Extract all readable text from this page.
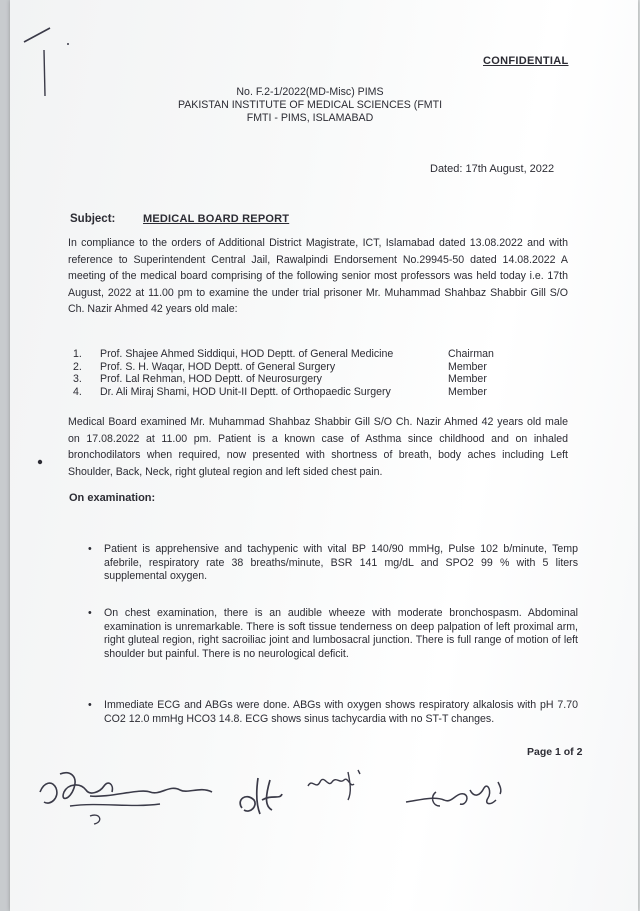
CONFIDENTIAL
No. F.2-1/2022(MD-Misc) PIMS
PAKISTAN INSTITUTE OF MEDICAL SCIENCES (FMTI
FMTI - PIMS, ISLAMABAD
Dated: 17th August, 2022
Subject:	MEDICAL BOARD REPORT
In compliance to the orders of Additional District Magistrate, ICT, Islamabad dated 13.08.2022 and with reference to Superintendent Central Jail, Rawalpindi Endorsement No.29945-50 dated 14.08.2022 A meeting of the medical board comprising of the following senior most professors was held today i.e. 17th August, 2022 at 11.00 pm to examine the under trial prisoner Mr. Muhammad Shahbaz Shabbir Gill S/O Ch. Nazir Ahmed 42 years old male:
1. Prof. Shajee Ahmed Siddiqui, HOD Deptt. of General Medicine	Chairman
2. Prof. S. H. Waqar, HOD Deptt. of General Surgery	Member
3. Prof. Lal Rehman, HOD Deptt. of Neurosurgery	Member
4. Dr. Ali Miraj Shami, HOD Unit-II Deptt. of Orthopaedic Surgery	Member
Medical Board examined Mr. Muhammad Shahbaz Shabbir Gill S/O Ch. Nazir Ahmed 42 years old male on 17.08.2022 at 11.00 pm. Patient is a known case of Asthma since childhood and on inhaled bronchodilators when required, now presented with shortness of breath, body aches including Left Shoulder, Back, Neck, right gluteal region and left sided chest pain.
On examination:
• Patient is apprehensive and tachypenic with vital BP 140/90 mmHg, Pulse 102 b/minute, Temp afebrile, respiratory rate 38 breaths/minute, BSR 141 mg/dL and SPO2 99 % with 5 liters supplemental oxygen.
• On chest examination, there is an audible wheeze with moderate bronchospasm. Abdominal examination is unremarkable. There is soft tissue tenderness on deep palpation of left proximal arm, right gluteal region, right sacroiliac joint and lumbosacral junction. There is full range of motion of left shoulder but painful. There is no neurological deficit.
• Immediate ECG and ABGs were done. ABGs with oxygen shows respiratory alkalosis with pH 7.70 CO2 12.0 mmHg HCO3 14.8. ECG shows sinus tachycardia with no ST-T changes.
Page 1 of 2
